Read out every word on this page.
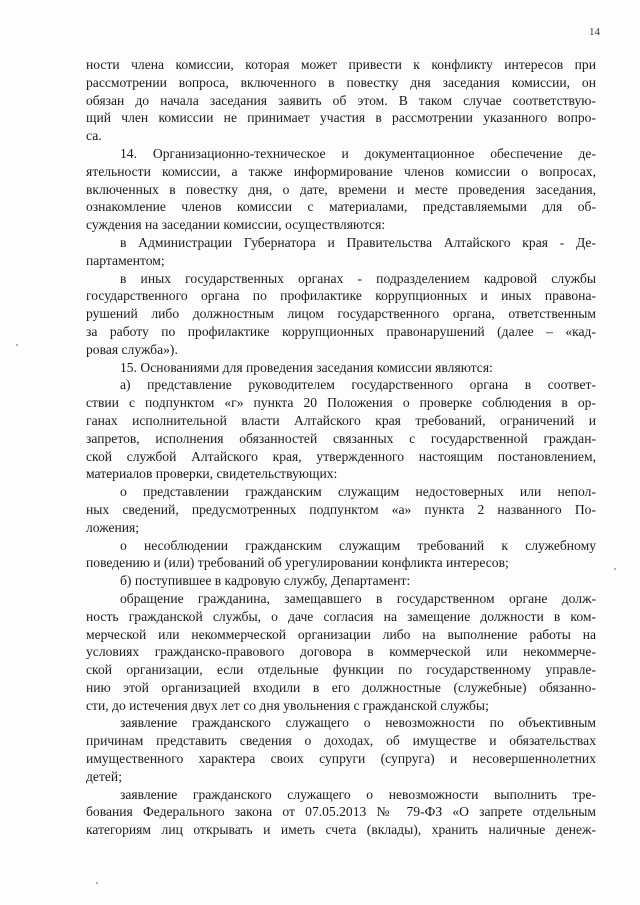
14

ности члена комиссии, которая может привести к конфликту интересов при

рассмотрении вопроса, включенного в повестку дня заседания комиссии, он

обязан до начала заседания заявить об этом. В таком случае соответствую-

щий член комиссии не принимает участия в рассмотрении указанного вопро-

са.

14. Организационно-техническое и документационное обеспечение де-

ятельности комиссии, а также информирование членов комиссии о вопросах,

включенных в повестку дня, о дате, времени и месте проведения заседания,

ознакомление членов комиссии с материалами, представляемыми для об-

суждения на заседании комиссии, осуществляются:

в Администрации Губернатора и Правительства Алтайского края - Де-

партаментом;

в иных государственных органах - подразделением кадровой службы

государственного органа по профилактике коррупционных и иных правона-

рушений либо должностным лицом государственного органа, ответственным

за работу по профилактике коррупционных правонарушений (далее – «кад-

ровая служба»).

15. Основаниями для проведения заседания комиссии являются:

а) представление руководителем государственного органа в соответ-

ствии с подпунктом «г» пункта 20 Положения о проверке соблюдения в ор-

ганах исполнительной власти Алтайского края требований, ограничений и

запретов, исполнения обязанностей связанных с государственной граждан-

ской службой Алтайского края, утвержденного настоящим постановлением,

материалов проверки, свидетельствующих:

о представлении гражданским служащим недостоверных или непол-

ных сведений, предусмотренных подпунктом «а» пункта 2 названного По-

ложения;

о несоблюдении гражданским служащим требований к служебному

поведению и (или) требований об урегулировании конфликта интересов;

б) поступившее в кадровую службу, Департамент:

обращение гражданина, замещавшего в государственном органе долж-

ность гражданской службы, о даче согласия на замещение должности в ком-

мерческой или некоммерческой организации либо на выполнение работы на

условиях гражданско-правового договора в коммерческой или некоммерче-

ской организации, если отдельные функции по государственному управле-

нию этой организацией входили в его должностные (служебные) обязанно-

сти, до истечения двух лет со дня увольнения с гражданской службы;

заявление гражданского служащего о невозможности по объективным

причинам представить сведения о доходах, об имуществе и обязательствах

имущественного характера своих супруги (супруга) и несовершеннолетних

детей;

заявление гражданского служащего о невозможности выполнить тре-

бования Федерального закона от 07.05.2013 № 79-ФЗ «О запрете отдельным

категориям лиц открывать и иметь счета (вклады), хранить наличные денеж-
